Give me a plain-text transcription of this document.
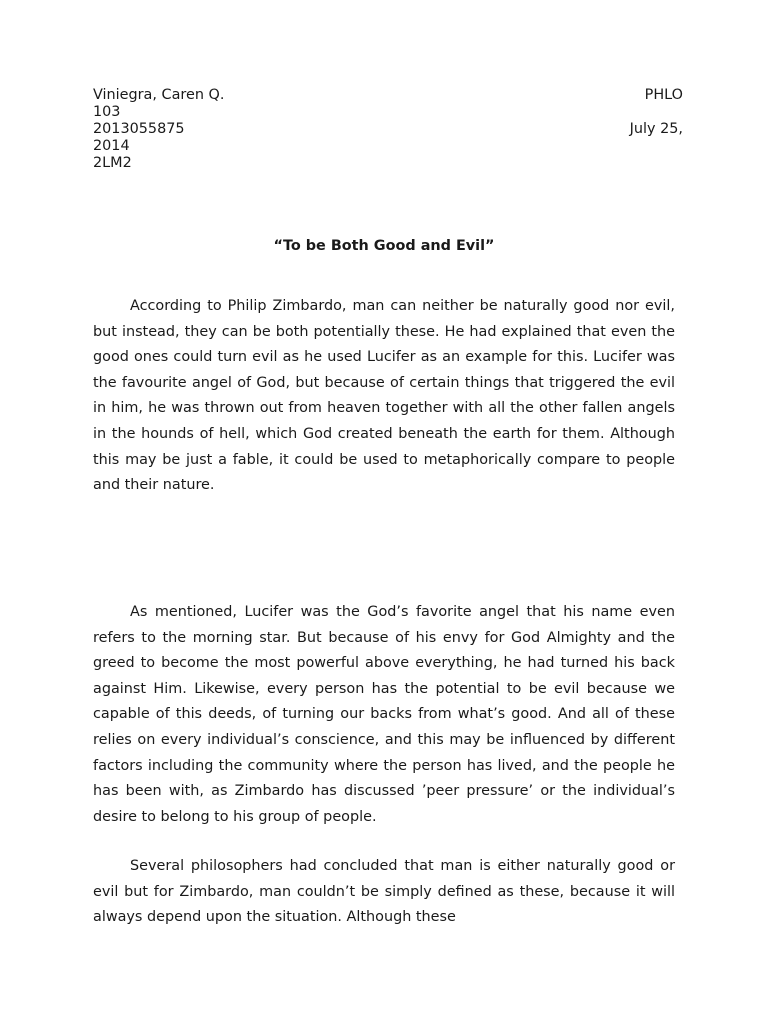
Viniegra, Caren Q.	PHLO
103
2013055875	July 25,
2014
2LM2
“To be Both Good and Evil”

According to Philip Zimbardo, man can neither be naturally good nor evil, but instead, they can be both potentially these. He had explained that even the good ones could turn evil as he used Lucifer as an example for this. Lucifer was the favourite angel of God, but because of certain things that triggered the evil in him, he was thrown out from heaven together with all the other fallen angels in the hounds of hell, which God created beneath the earth for them. Although this may be just a fable, it could be used to metaphorically compare to people and their nature.

As mentioned, Lucifer was the God’s favorite angel that his name even refers to the morning star. But because of his envy for God Almighty and the greed to become the most powerful above everything, he had turned his back against Him. Likewise, every person has the potential to be evil because we capable of this deeds, of turning our backs from what’s good. And all of these relies on every individual’s conscience, and this may be influenced by different factors including the community where the person has lived, and the people he has been with, as Zimbardo has discussed ’peer pressure’ or the individual’s desire to belong to his group of people.

Several philosophers had concluded that man is either naturally good or evil but for Zimbardo, man couldn’t be simply defined as these, because it will always depend upon the situation. Although these
